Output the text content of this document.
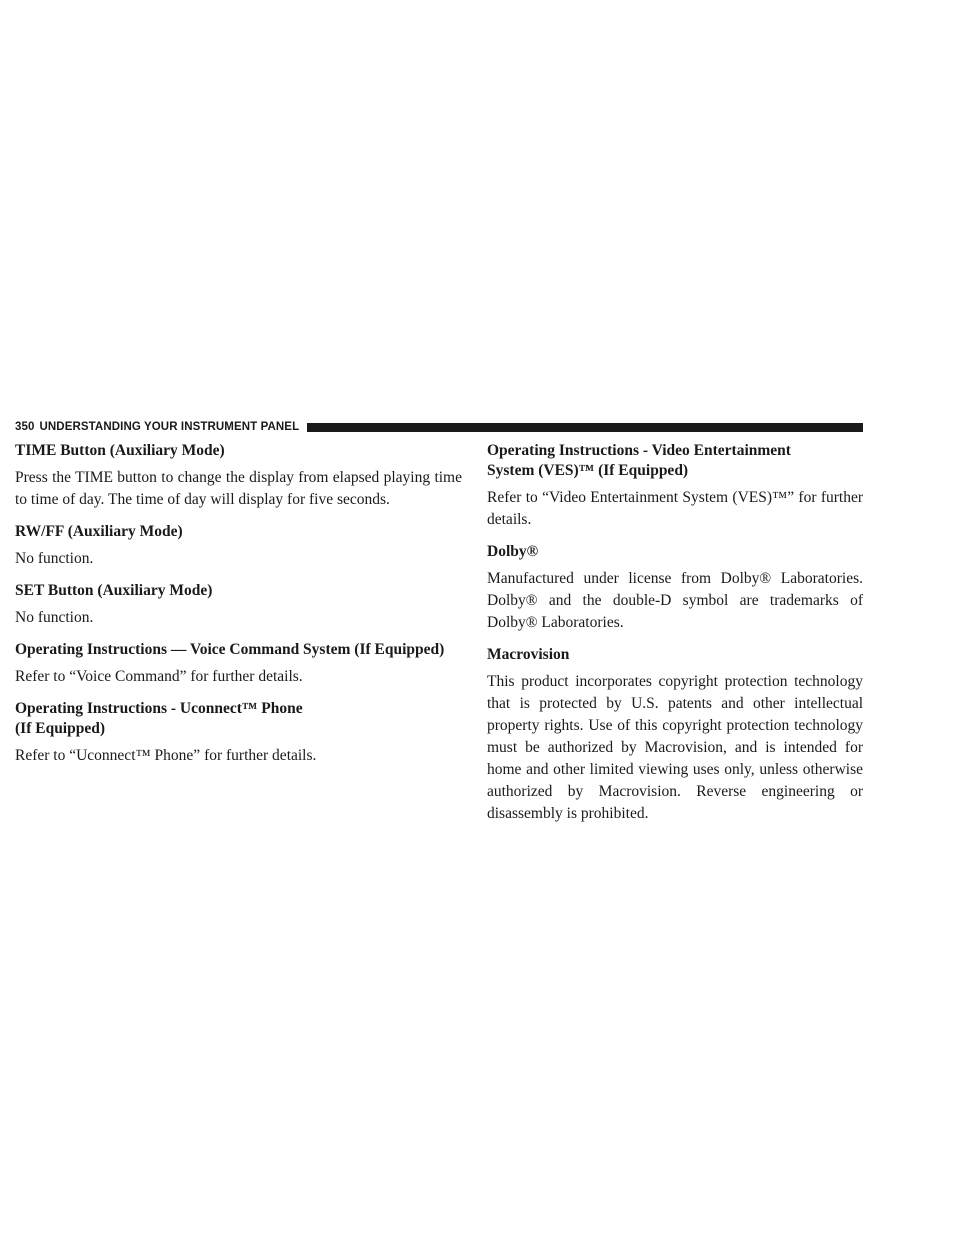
350 UNDERSTANDING YOUR INSTRUMENT PANEL
TIME Button (Auxiliary Mode)

Press the TIME button to change the display from elapsed playing time to time of day. The time of day will display for five seconds.

RW/FF (Auxiliary Mode)

No function.

SET Button (Auxiliary Mode)

No function.

Operating Instructions — Voice Command System (If Equipped)

Refer to “Voice Command” for further details.

Operating Instructions - Uconnect™ Phone
(If Equipped)

Refer to “Uconnect™ Phone” for further details.

Operating Instructions - Video Entertainment
System (VES)™ (If Equipped)

Refer to “Video Entertainment System (VES)™” for further details.

Dolby®

Manufactured under license from Dolby® Laboratories. Dolby® and the double-D symbol are trademarks of Dolby® Laboratories.

Macrovision

This product incorporates copyright protection technology that is protected by U.S. patents and other intellectual property rights. Use of this copyright protection technology must be authorized by Macrovision, and is intended for home and other limited viewing uses only, unless otherwise authorized by Macrovision. Reverse engineering or disassembly is prohibited.
